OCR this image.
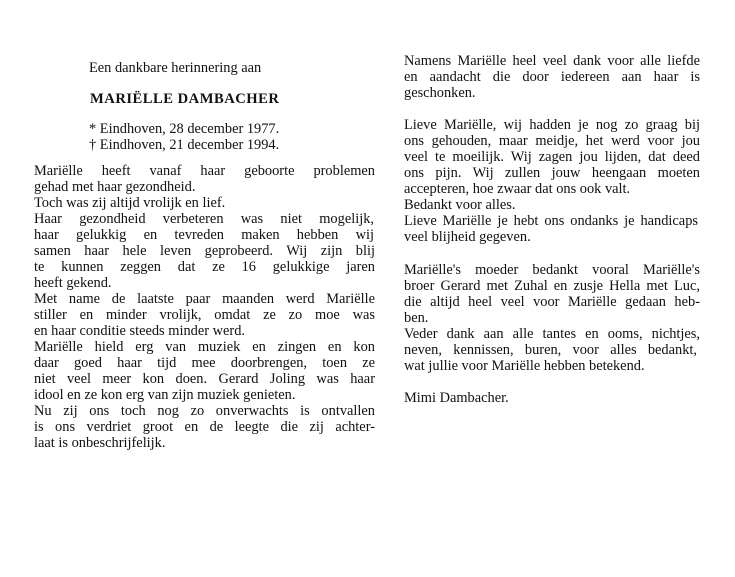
Een dankbare herinnering aan
MARIËLLE DAMBACHER
* Eindhoven, 28 december 1977.
† Eindhoven, 21 december 1994.
Mariëlle heeft vanaf haar geboorte problemen
gehad met haar gezondheid.
Toch was zij altijd vrolijk en lief.
Haar gezondheid verbeteren was niet mogelijk,
haar gelukkig en tevreden maken hebben wij
samen haar hele leven geprobeerd. Wij zijn blij
te kunnen zeggen dat ze 16 gelukkige jaren
heeft gekend.
Met name de laatste paar maanden werd Mariëlle
stiller en minder vrolijk, omdat ze zo moe was
en haar conditie steeds minder werd.
Mariëlle hield erg van muziek en zingen en kon
daar goed haar tijd mee doorbrengen, toen ze
niet veel meer kon doen. Gerard Joling was haar
idool en ze kon erg van zijn muziek genieten.
Nu zij ons toch nog zo onverwachts is ontvallen
is ons verdriet groot en de leegte die zij achter-
laat is onbeschrijfelijk.
Namens Mariëlle heel veel dank voor alle liefde
en aandacht die door iedereen aan haar is
geschonken.
Lieve Mariëlle, wij hadden je nog zo graag bij
ons gehouden, maar meidje, het werd voor jou
veel te moeilijk. Wij zagen jou lijden, dat deed
ons pijn. Wij zullen jouw heengaan moeten
accepteren, hoe zwaar dat ons ook valt.
Bedankt voor alles.
Lieve Mariëlle je hebt ons ondanks je handicaps
veel blijheid gegeven.
Mariëlle's moeder bedankt vooral Mariëlle's
broer Gerard met Zuhal en zusje Hella met Luc,
die altijd heel veel voor Mariëlle gedaan heb-
ben.
Veder dank aan alle tantes en ooms, nichtjes,
neven, kennissen, buren, voor alles bedankt,
wat jullie voor Mariëlle hebben betekend.
Mimi Dambacher.
